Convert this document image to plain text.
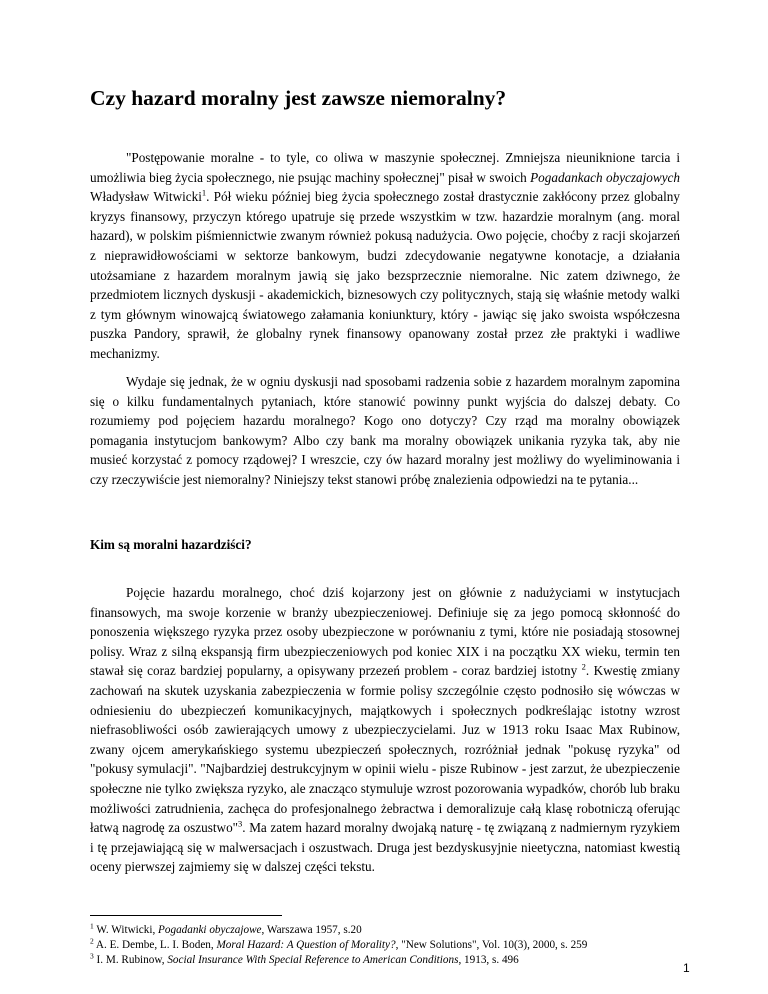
Czy hazard moralny jest zawsze niemoralny?

"Postępowanie moralne - to tyle, co oliwa w maszynie społecznej. Zmniejsza nieuniknione tarcia i umożliwia bieg życia społecznego, nie psując machiny społecznej" pisał w swoich Pogadankach obyczajowych Władysław Witwicki$^1$. Pół wieku później bieg życia społecznego został drastycznie zakłócony przez globalny kryzys finansowy, przyczyn którego upatruje się przede wszystkim w tzw. hazardzie moralnym (ang. moral hazard), w polskim piśmiennictwie zwanym również pokusą nadużycia. Owo pojęcie, choćby z racji skojarzeń z nieprawidłowościami w sektorze bankowym, budzi zdecydowanie negatywne konotacje, a działania utożsamiane z hazardem moralnym jawią się jako bezsprzecznie niemoralne. Nic zatem dziwnego, że przedmiotem licznych dyskusji - akademickich, biznesowych czy politycznych, stają się właśnie metody walki z tym głównym winowajcą światowego załamania koniunktury, który - jawiąc się jako swoista współczesna puszka Pandory, sprawił, że globalny rynek finansowy opanowany został przez złe praktyki i wadliwe mechanizmy.

Wydaje się jednak, że w ogniu dyskusji nad sposobami radzenia sobie z hazardem moralnym zapomina się o kilku fundamentalnych pytaniach, które stanowić powinny punkt wyjścia do dalszej debaty. Co rozumiemy pod pojęciem hazardu moralnego? Kogo ono dotyczy? Czy rząd ma moralny obowiązek pomagania instytucjom bankowym? Albo czy bank ma moralny obowiązek unikania ryzyka tak, aby nie musieć korzystać z pomocy rządowej? I wreszcie, czy ów hazard moralny jest możliwy do wyeliminowania i czy rzeczywiście jest niemoralny? Niniejszy tekst stanowi próbę znalezienia odpowiedzi na te pytania...

Kim są moralni hazardziści?

Pojęcie hazardu moralnego, choć dziś kojarzony jest on głównie z nadużyciami w instytucjach finansowych, ma swoje korzenie w branży ubezpieczeniowej. Definiuje się za jego pomocą skłonność do ponoszenia większego ryzyka przez osoby ubezpieczone w porównaniu z tymi, które nie posiadają stosownej polisy. Wraz z silną ekspansją firm ubezpieczeniowych pod koniec XIX i na początku XX wieku, termin ten stawał się coraz bardziej popularny, a opisywany przezeń problem - coraz bardziej istotny $^2$. Kwestię zmiany zachowań na skutek uzyskania zabezpieczenia w formie polisy szczególnie często podnosiło się wówczas w odniesieniu do ubezpieczeń komunikacyjnych, majątkowych i społecznych podkreślając istotny wzrost niefrasobliwości osób zawierających umowy z ubezpieczycielami. Juz w 1913 roku Isaac Max Rubinow, zwany ojcem amerykańskiego systemu ubezpieczeń społecznych, rozróżniał jednak "pokusę ryzyka" od "pokusy symulacji". "Najbardziej destrukcyjnym w opinii wielu - pisze Rubinow - jest zarzut, że ubezpieczenie społeczne nie tylko zwiększa ryzyko, ale znacząco stymuluje wzrost pozorowania wypadków, chorób lub braku możliwości zatrudnienia, zachęca do profesjonalnego żebractwa i demoralizuje całą klasę robotniczą oferując łatwą nagrodę za oszustwo"$^3$. Ma zatem hazard moralny dwojaką naturę - tę związaną z nadmiernym ryzykiem i tę przejawiającą się w malwersacjach i oszustwach. Druga jest bezdyskusyjnie nieetyczna, natomiast kwestią oceny pierwszej zajmiemy się w dalszej części tekstu.

$^1$ W. Witwicki, Pogadanki obyczajowe, Warszawa 1957, s.20
$^2$ A. E. Dembe, L. I. Boden, Moral Hazard: A Question of Morality?, "New Solutions", Vol. 10(3), 2000, s. 259
$^3$ I. M. Rubinow, Social Insurance With Special Reference to American Conditions, 1913, s. 496
1
